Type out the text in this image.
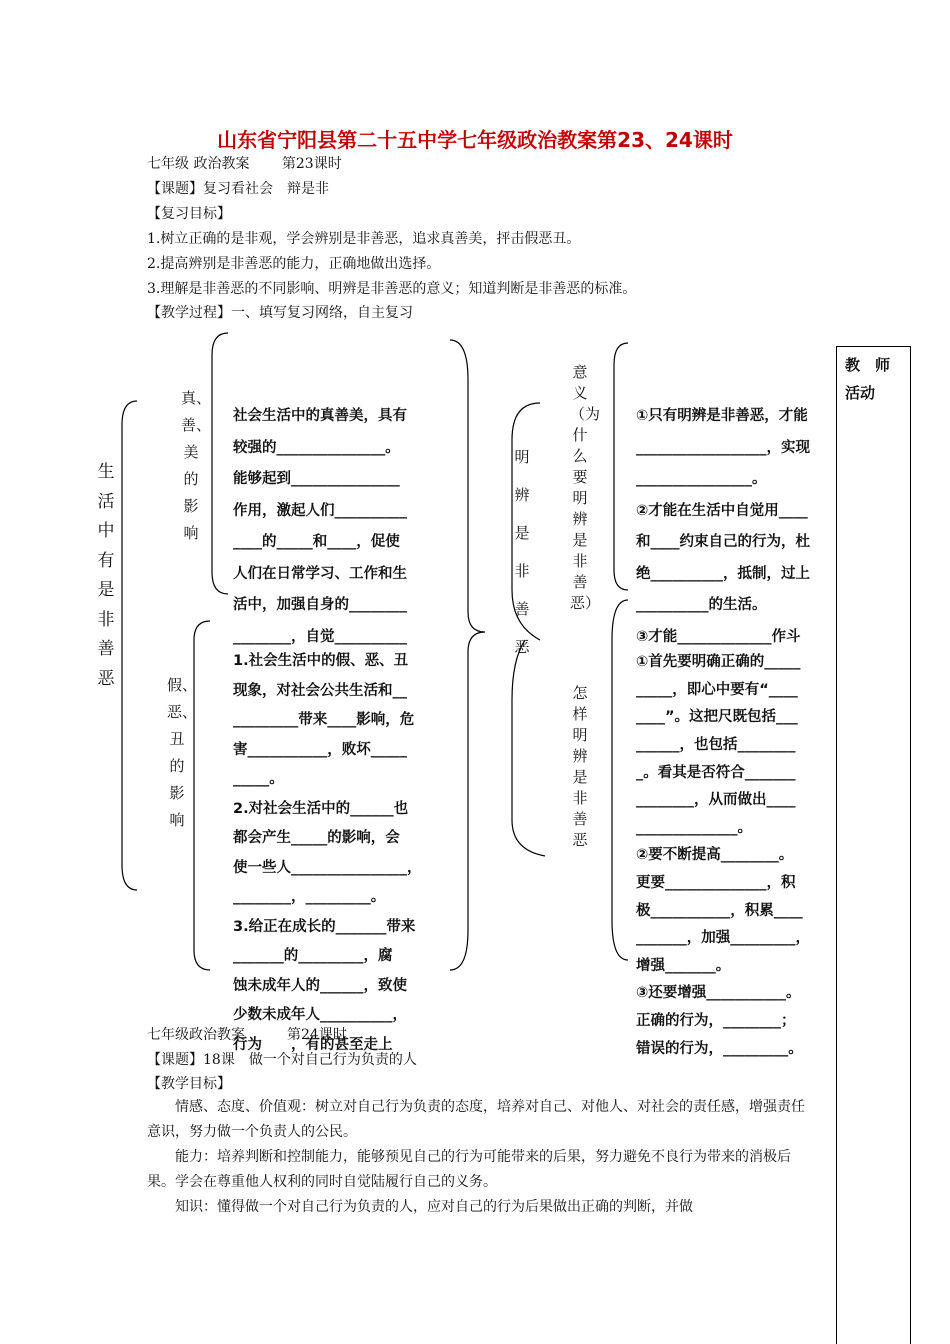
山东省宁阳县第二十五中学七年级政治教案第23、24课时
七年级 政治教案 　　第23课时
【课题】复习看社会　辩是非
【复习目标】
1.树立正确的是非观，学会辨别是非善恶，追求真善美，抨击假恶丑。
2.提高辨别是非善恶的能力，正确地做出选择。
3.理解是非善恶的不同影响、明辨是非善恶的意义；知道判断是非善恶的标准。
【教学过程】一、填写复习网络，自主复习
生活中有是非善恶
真、善、美的影响
假、恶、丑的影响
明辨是非善恶
意义（为什么要明辨是非善恶）
怎样明辨是非善恶

社会生活中的真善美，具有
较强的_______________。
能够起到_______________
作用，激起人们__________
____的_____和____，促使
人们在日常学习、工作和生
活中，加强自身的________
________，自觉__________

1.社会生活中的假、恶、丑
现象，对社会公共生活和__
_________带来____影响，危
害___________，败坏_____
_____。
2.对社会生活中的______也
都会产生_____的影响，会
使一些人________________，
________，_________。
3.给正在成长的_______带来
_______的_________，腐
蚀未成年人的______，致使
少数未成年人__________，
行为　　，有的甚至走上

①只有明辨是非善恶，才能
__________________，实现
________________。
②才能在生活中自觉用____
和____约束自己的行为，杜
绝__________，抵制，过上
__________的生活。
③才能_____________作斗

①首先要明确正确的_____
_____，即心中要有“____
____”。这把尺既包括___
______，也包括________
_。看其是否符合_______
________，从而做出____
______________。
②要不断提高________。
更要______________，积
极___________，积累____
_______，加强_________，
增强_______。
③还要增强___________。
正确的行为，________；
错误的行为，_________。

教　师活动
七年级政治教案　　　第24课时
【课题】18课　做一个对自己行为负责的人
【教学目标】
情感、态度、价值观：树立对自己行为负责的态度，培养对自己、对他人、对社会的责任感，增强责任意识，努力做一个负责人的公民。
能力：培养判断和控制能力，能够预见自己的行为可能带来的后果，努力避免不良行为带来的消极后果。学会在尊重他人权利的同时自觉陆履行自己的义务。
知识：懂得做一个对自己行为负责的人，应对自己的行为后果做出正确的判断，并做
